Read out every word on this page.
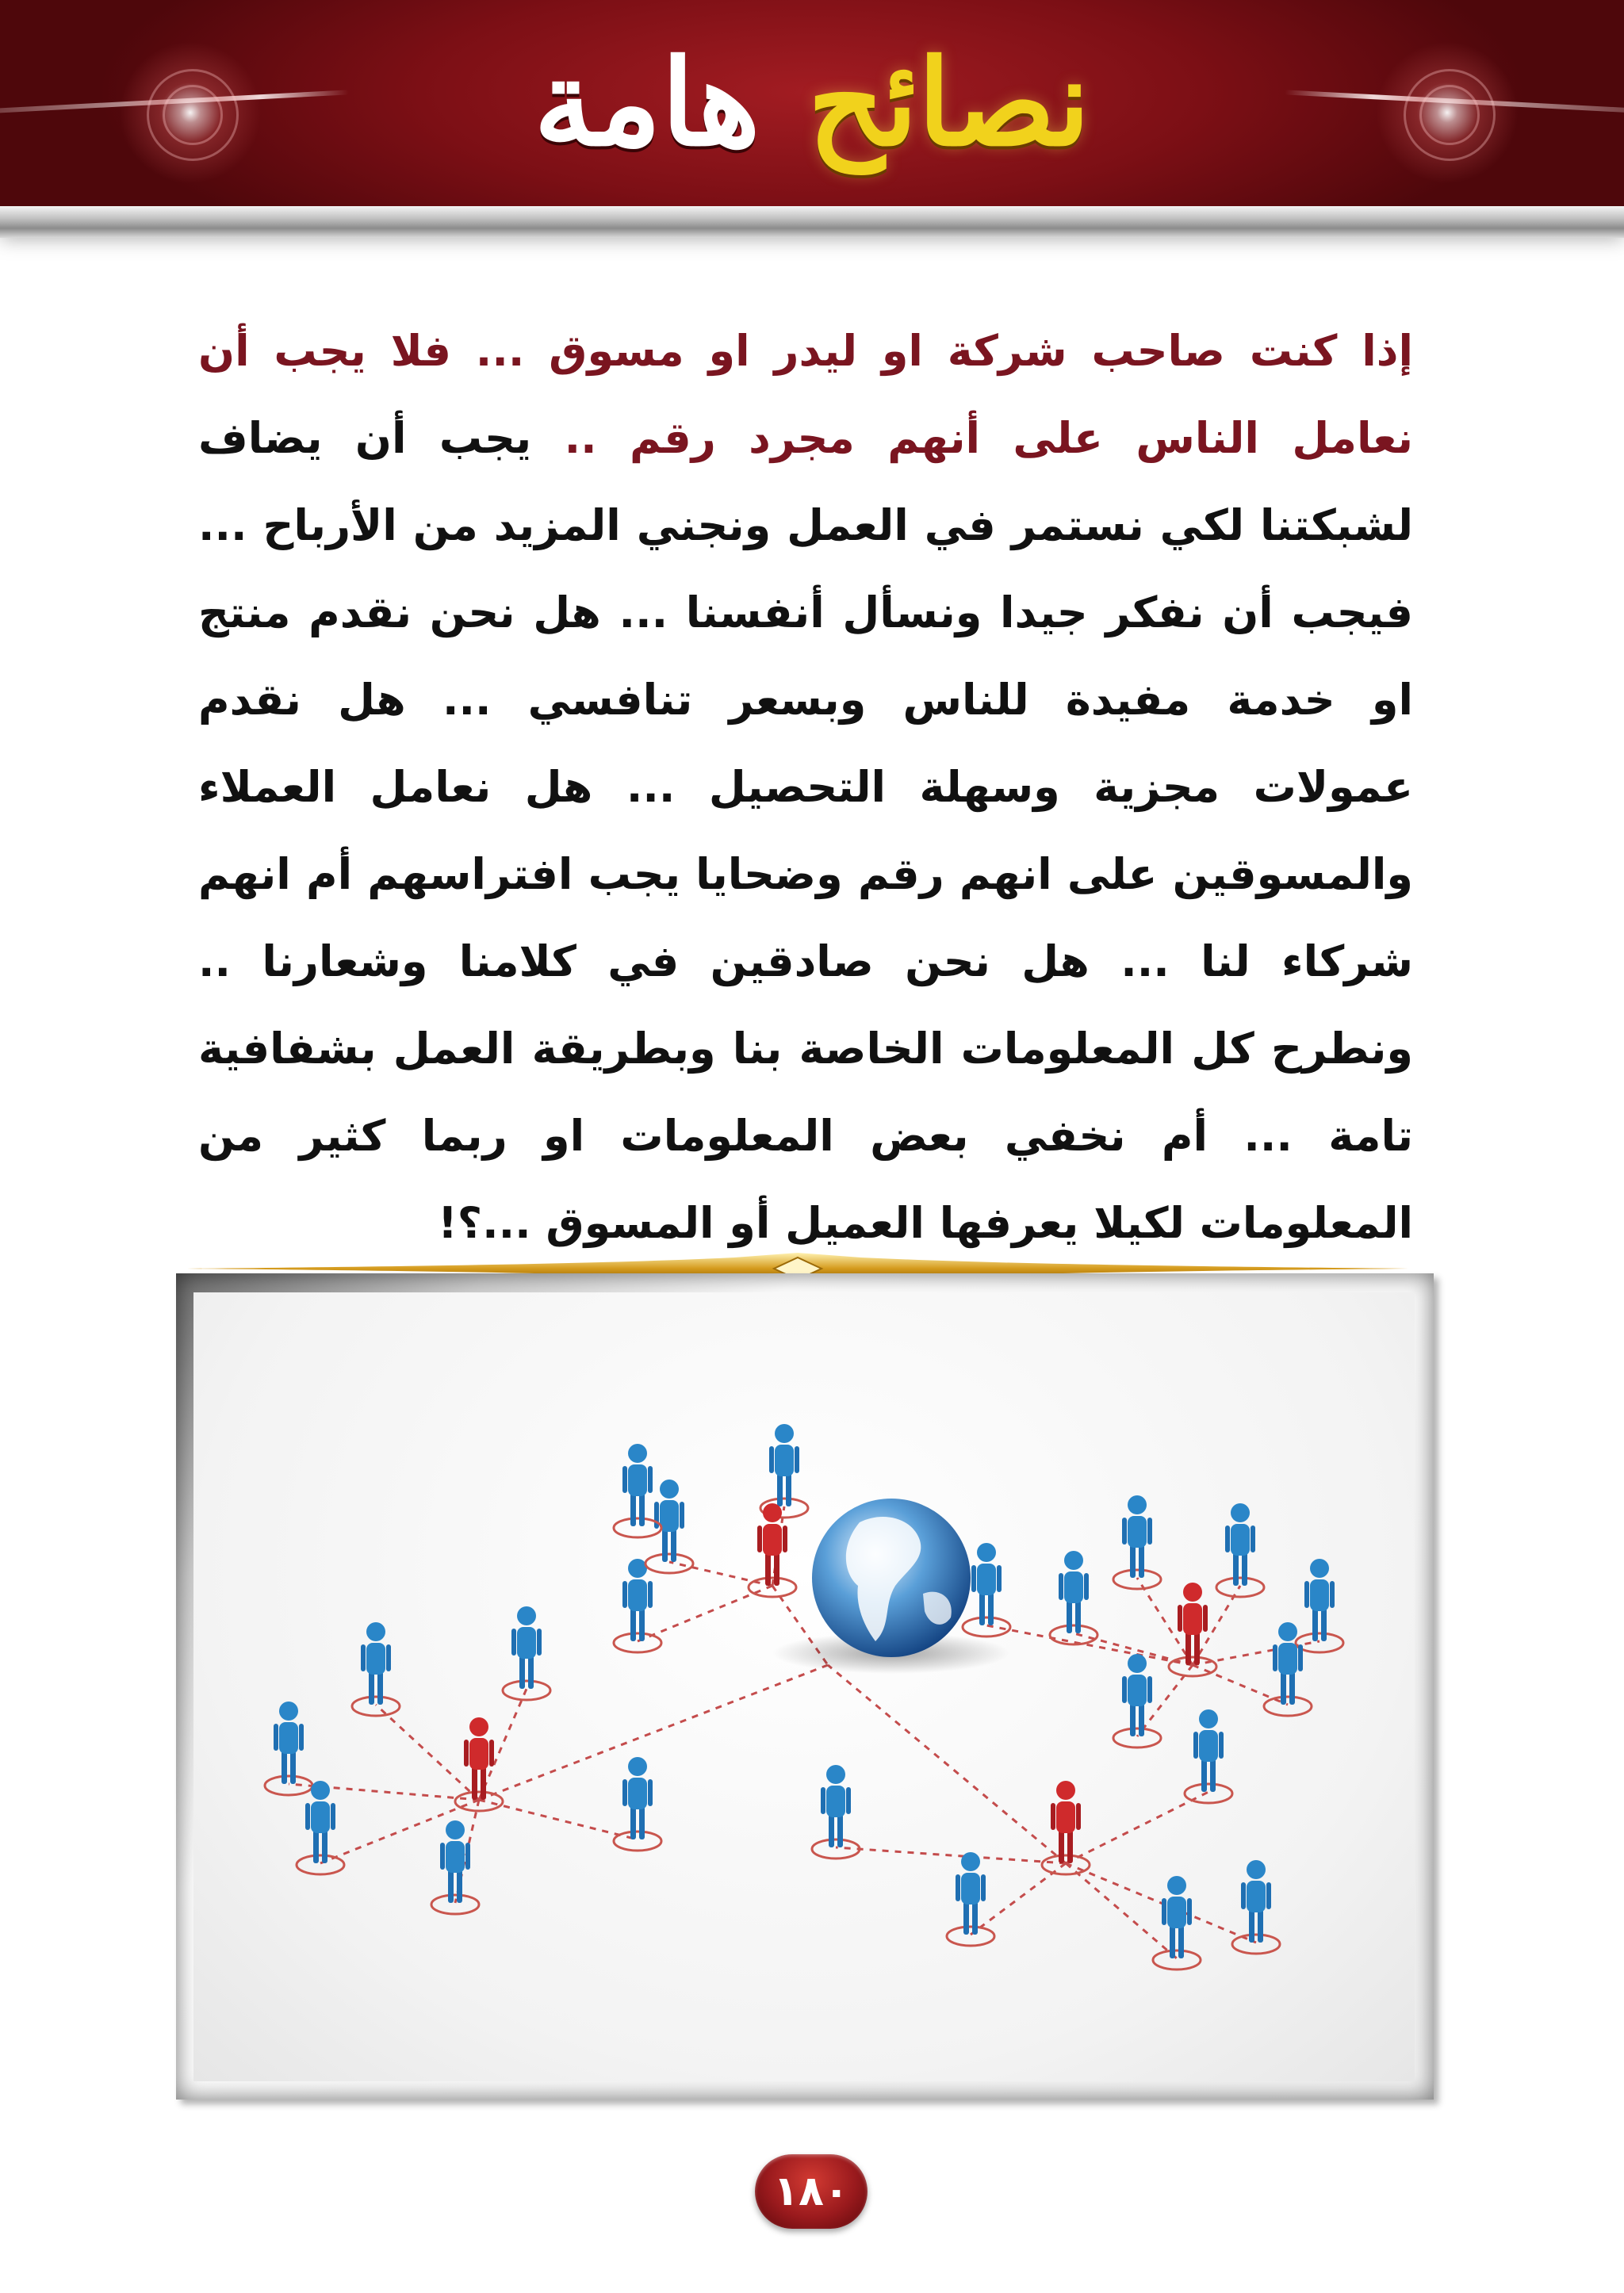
نصائح
هامة
إذا كنت صاحب شركة او ليدر او مسوق ... فلا يجب أن نعامل الناس على أنهم مجرد رقم .. يجب أن يضاف لشبكتنا لكي نستمر في العمل ونجني المزيد من الأرباح ... فيجب أن نفكر جيدا ونسأل أنفسنا ... هل نحن نقدم منتج او خدمة مفيدة للناس وبسعر تنافسي ... هل نقدم عمولات مجزية وسهلة التحصيل ... هل نعامل العملاء والمسوقين على انهم رقم وضحايا يجب افتراسهم أم انهم شركاء لنا ... هل نحن صادقين في كلامنا وشعارنا .. ونطرح كل المعلومات الخاصة بنا وبطريقة العمل بشفافية تامة ... أم نخفي بعض المعلومات او ربما كثير من المعلومات لكيلا يعرفها العميل أو المسوق ...؟!
١٨٠
